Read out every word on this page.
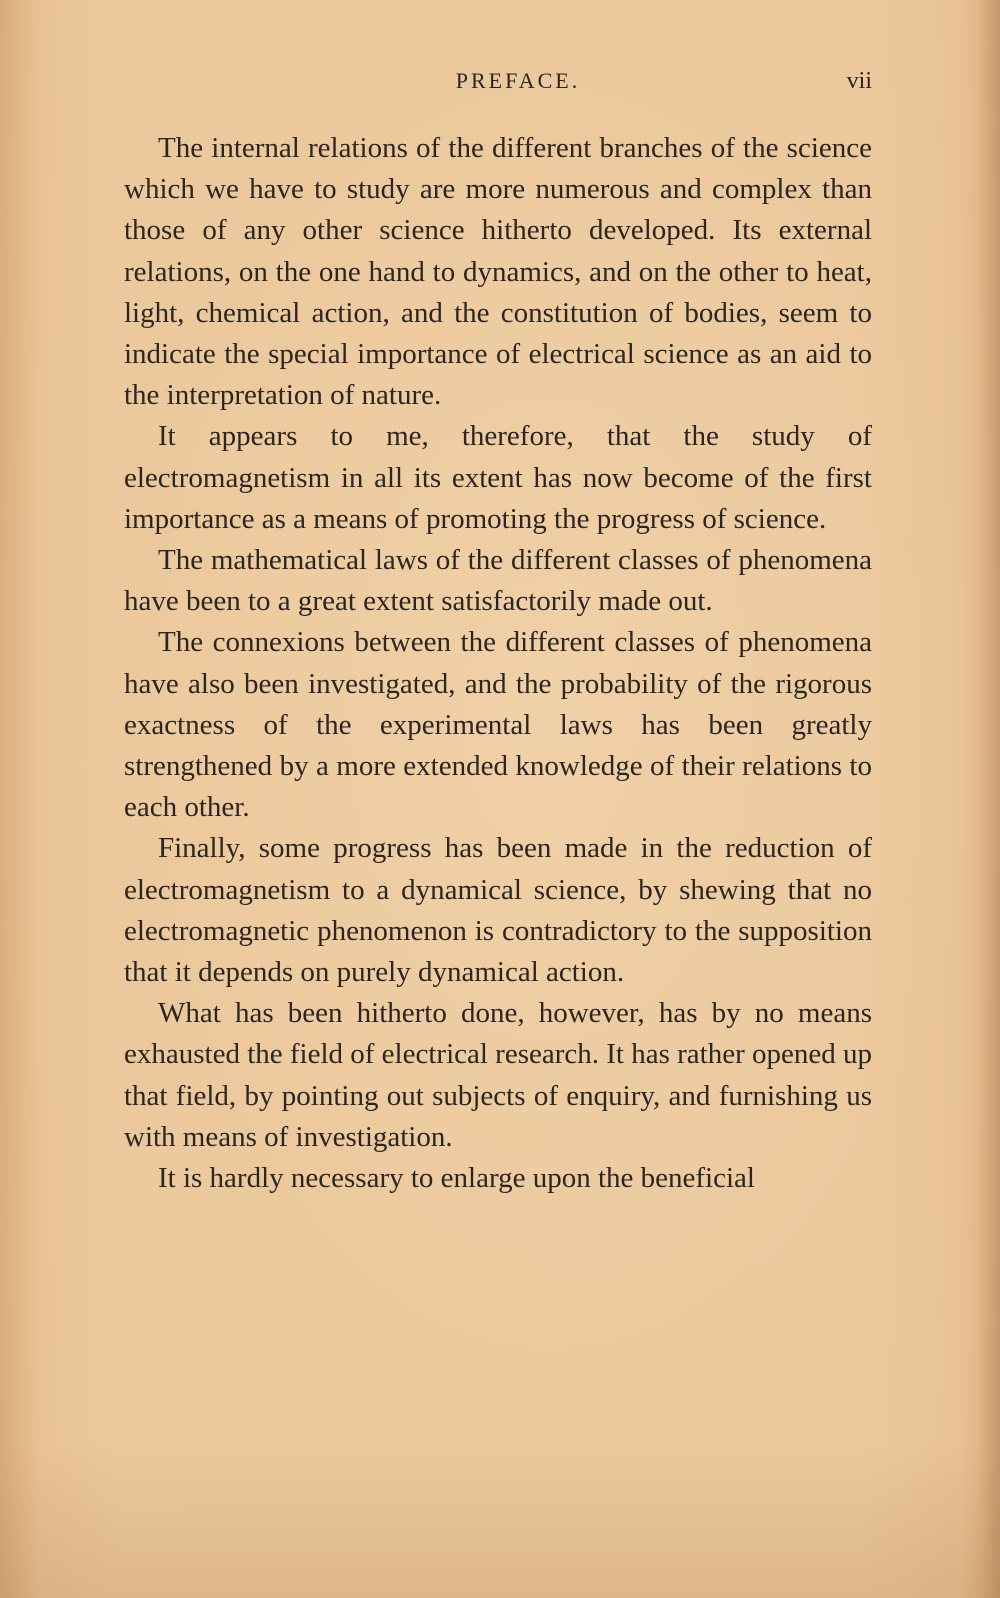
PREFACE.	vii

The internal relations of the different branches of the science which we have to study are more numerous and complex than those of any other science hitherto developed. Its external relations, on the one hand to dynamics, and on the other to heat, light, chemical action, and the constitution of bodies, seem to indicate the special importance of electrical science as an aid to the interpretation of nature.

It appears to me, therefore, that the study of electromagnetism in all its extent has now become of the first importance as a means of promoting the progress of science.

The mathematical laws of the different classes of phenomena have been to a great extent satisfactorily made out.

The connexions between the different classes of phenomena have also been investigated, and the probability of the rigorous exactness of the experimental laws has been greatly strengthened by a more extended knowledge of their relations to each other.

Finally, some progress has been made in the reduction of electromagnetism to a dynamical science, by shewing that no electromagnetic phenomenon is contradictory to the supposition that it depends on purely dynamical action.

What has been hitherto done, however, has by no means exhausted the field of electrical research. It has rather opened up that field, by pointing out subjects of enquiry, and furnishing us with means of investigation.

It is hardly necessary to enlarge upon the beneficial
